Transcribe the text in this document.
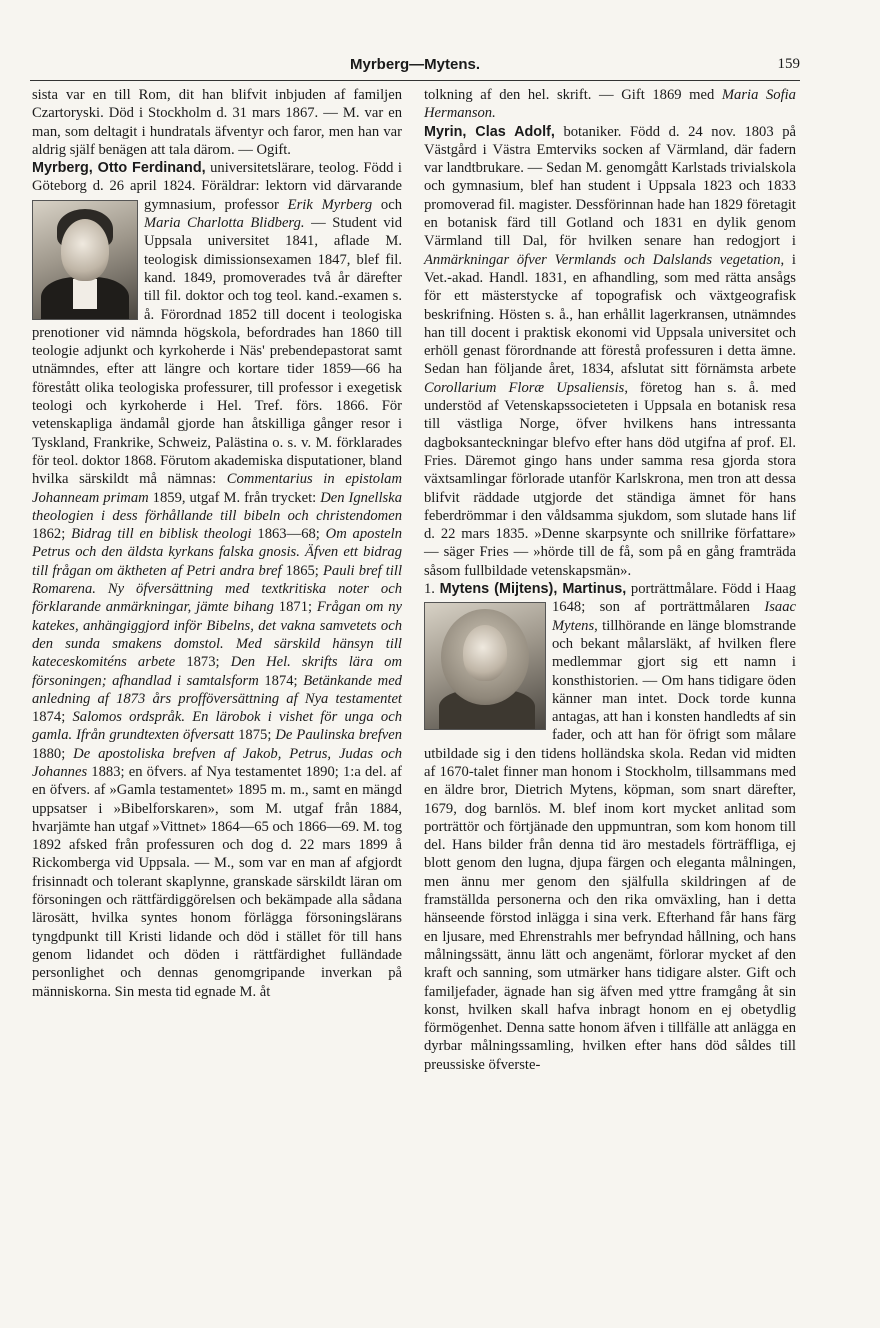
Myrberg—Mytens.	159

sista var en till Rom, dit han blifvit inbjuden af familjen Czartoryski. Död i Stockholm d. 31 mars 1867. — M. var en man, som deltagit i hundratals äfventyr och faror, men han var aldrig själf benägen att tala därom. — Ogift.

Myrberg, Otto Ferdinand, universitetslärare, teolog. Född i Göteborg d. 26 april 1824. Föräldrar: lektorn vid därvarande gymnasium, professor
Erik Myrberg och Maria Charlotta Blidberg. — Student vid Uppsala universitet 1841, aflade M. teologisk dimissionsexamen 1847, blef fil. kand. 1849, promoverades två år därefter till fil. doktor och tog teol. kand.-examen s. å. Förordnad 1852 till docent i teologiska prenotioner vid nämnda högskola, befordrades han 1860 till teologie adjunkt och kyrkoherde i Näs' prebendepastorat samt utnämndes, efter att längre och kortare tider 1859—66 ha förestått olika teologiska professurer, till professor i exegetisk teologi och kyrkoherde i Hel. Tref. förs. 1866. För vetenskapliga ändamål gjorde han åtskilliga gånger resor i Tyskland, Frankrike, Schweiz, Palästina o. s. v. M. förklarades för teol. doktor 1868. Förutom akademiska disputationer, bland hvilka särskildt må nämnas: Commentarius in epistolam Johanneam primam 1859, utgaf M. från trycket: Den Ignellska theologien i dess förhållande till bibeln och christendomen 1862; Bidrag till en biblisk theologi 1863—68; Om aposteln Petrus och den äldsta kyrkans falska gnosis. Äfven ett bidrag till frågan om äktheten af Petri andra bref 1865; Pauli bref till Romarena. Ny öfversättning med textkritiska noter och förklarande anmärkningar, jämte bihang 1871; Frågan om ny katekes, anhängiggjord inför Bibelns, det vakna samvetets och den sunda smakens domstol. Med särskild hänsyn till kateceskomiténs arbete 1873; Den Hel. skrifts lära om försoningen; afhandlad i samtalsform 1874; Betänkande med anledning af 1873 års profföversättning af Nya testamentet 1874; Salomos ordspråk. En lärobok i vishet för unga och gamla. Ifrån grundtexten öfversatt 1875; De Paulinska brefven 1880; De apostoliska brefven af Jakob, Petrus, Judas och Johannes 1883; en öfvers. af Nya testamentet 1890; 1:a del. af en öfvers. af »Gamla testamentet» 1895 m. m., samt en mängd uppsatser i »Bibelforskaren», som M. utgaf från 1884, hvarjämte han utgaf »Vittnet» 1864—65 och 1866—69. M. tog 1892 afsked från professuren och dog d. 22 mars 1899 å Rickomberga vid Uppsala. — M., som var en man af afgjordt frisinnadt och tolerant skaplynne, granskade särskildt läran om försoningen och rättfärdiggörelsen och bekämpade alla sådana lärosätt, hvilka syntes honom förlägga försoningslärans tyngdpunkt till Kristi lidande och död i stället för till hans genom lidandet och döden i rättfärdighet fulländade personlighet och dennas genomgripande inverkan på människorna. Sin mesta tid egnade M. åt

tolkning af den hel. skrift. — Gift 1869 med Maria Sofia Hermanson.

Myrin, Clas Adolf, botaniker. Född d. 24 nov. 1803 på Västgård i Västra Emterviks socken af Värmland, där fadern var landtbrukare. — Sedan M. genomgått Karlstads trivialskola och gymnasium, blef han student i Uppsala 1823 och 1833 promoverad fil. magister. Dessförinnan hade han 1829 företagit en botanisk färd till Gotland och 1831 en dylik genom Värmland till Dal, för hvilken senare han redogjort i Anmärkningar öfver Vermlands och Dalslands vegetation, i Vet.-akad. Handl. 1831, en afhandling, som med rätta ansågs för ett mästerstycke af topografisk och växtgeografisk beskrifning. Hösten s. å., han erhållit lagerkransen, utnämndes han till docent i praktisk ekonomi vid Uppsala universitet och erhöll genast förordnande att förestå professuren i detta ämne. Sedan han följande året, 1834, afslutat sitt förnämsta arbete Corollarium Floræ Upsaliensis, företog han s. å. med understöd af Vetenskapssocieteten i Uppsala en botanisk resa till västliga Norge, öfver hvilkens hans intressanta dagboksanteckningar blefvo efter hans död utgifna af prof. El. Fries. Däremot gingo hans under samma resa gjorda stora växtsamlingar förlorade utanför Karlskrona, men tron att dessa blifvit räddade utgjorde det ständiga ämnet för hans feberdrömmar i den våldsamma sjukdom, som slutade hans lif d. 22 mars 1835. »Denne skarpsynte och snillrike författare» — säger Fries — »hörde till de få, som på en gång framträda såsom fullbildade vetenskapsmän».

1. Mytens (Mijtens), Martinus, porträttmålare. Född i Haag 1648; son af porträttmålaren
Isaac Mytens, tillhörande en länge blomstrande och bekant målarsläkt, af hvilken flere medlemmar gjort sig ett namn i konsthistorien. — Om hans tidigare öden känner man intet. Dock torde kunna antagas, att han i konsten handledts af sin fader, och att han för öfrigt som målare utbildade sig i den tidens holländska skola. Redan vid midten af 1670-talet finner man honom i Stockholm, tillsammans med en äldre bror, Dietrich Mytens, köpman, som snart därefter, 1679, dog barnlös. M. blef inom kort mycket anlitad som porträttör och förtjänade den uppmuntran, som kom honom till del. Hans bilder från denna tid äro mestadels förträffliga, ej blott genom den lugna, djupa färgen och eleganta målningen, men ännu mer genom den själfulla skildringen af de framställda personerna och den rika omväxling, han i detta hänseende förstod inlägga i sina verk. Efterhand får hans färg en ljusare, med Ehrenstrahls mer befryndad hållning, och hans målningssätt, ännu lätt och angenämt, förlorar mycket af den kraft och sanning, som utmärker hans tidigare alster. Gift och familjefader, ägnade han sig äfven med yttre framgång åt sin konst, hvilken skall hafva inbragt honom en ej obetydlig förmögenhet. Denna satte honom äfven i tillfälle att anlägga en dyrbar målningssamling, hvilken efter hans död såldes till preussiske öfverste-
